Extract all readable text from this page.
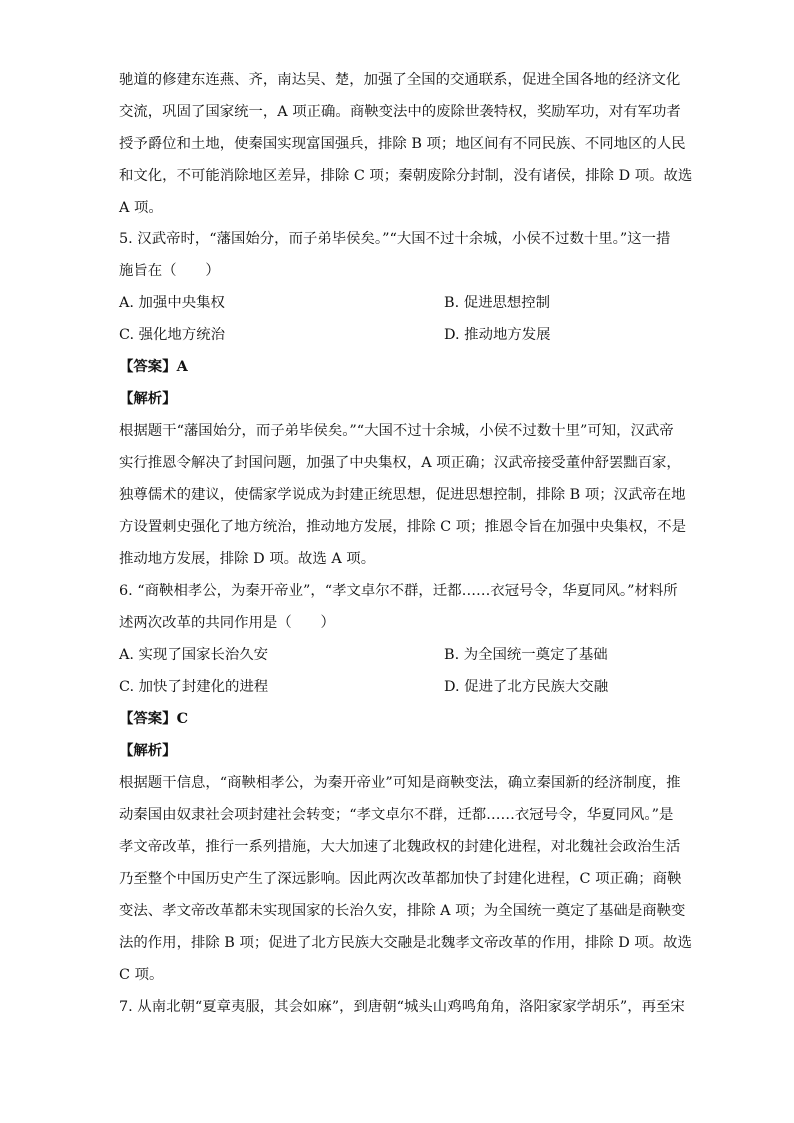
驰道的修建东连燕、齐，南达吴、楚，加强了全国的交通联系，促进全国各地的经济文化
交流，巩固了国家统一，A 项正确。商鞅变法中的废除世袭特权，奖励军功，对有军功者
授予爵位和土地，使秦国实现富国强兵，排除 B 项；地区间有不同民族、不同地区的人民
和文化，不可能消除地区差异，排除 C 项；秦朝废除分封制，没有诸侯，排除 D 项。故选
A 项。
5. 汉武帝时，“藩国始分，而子弟毕侯矣。”“大国不过十余城，小侯不过数十里。”这一措
施旨在（　　）
A. 加强中央集权	B. 促进思想控制
C. 强化地方统治	D. 推动地方发展
【答案】A
【解析】
根据题干“藩国始分，而子弟毕侯矣。”“大国不过十余城，小侯不过数十里”可知，汉武帝
实行推恩令解决了封国问题，加强了中央集权，A 项正确；汉武帝接受董仲舒罢黜百家，
独尊儒术的建议，使儒家学说成为封建正统思想，促进思想控制，排除 B 项；汉武帝在地
方设置刺史强化了地方统治，推动地方发展，排除 C 项；推恩令旨在加强中央集权，不是
推动地方发展，排除 D 项。故选 A 项。
6. “商鞅相孝公，为秦开帝业”，“孝文卓尔不群，迁都……衣冠号令，华夏同风。”材料所
述两次改革的共同作用是（　　）
A. 实现了国家长治久安	B. 为全国统一奠定了基础
C. 加快了封建化的进程	D. 促进了北方民族大交融
【答案】C
【解析】
根据题干信息，“商鞅相孝公，为秦开帝业”可知是商鞅变法，确立秦国新的经济制度，推
动秦国由奴隶社会项封建社会转变；“孝文卓尔不群，迁都……衣冠号令，华夏同风。”是
孝文帝改革，推行一系列措施，大大加速了北魏政权的封建化进程，对北魏社会政治生活
乃至整个中国历史产生了深远影响。因此两次改革都加快了封建化进程，C 项正确；商鞅
变法、孝文帝改革都未实现国家的长治久安，排除 A 项；为全国统一奠定了基础是商鞅变
法的作用，排除 B 项；促进了北方民族大交融是北魏孝文帝改革的作用，排除 D 项。故选
C 项。
7. 从南北朝“夏章夷服，其会如麻”，到唐朝“城头山鸡鸣角角，洛阳家家学胡乐”，再至宋
